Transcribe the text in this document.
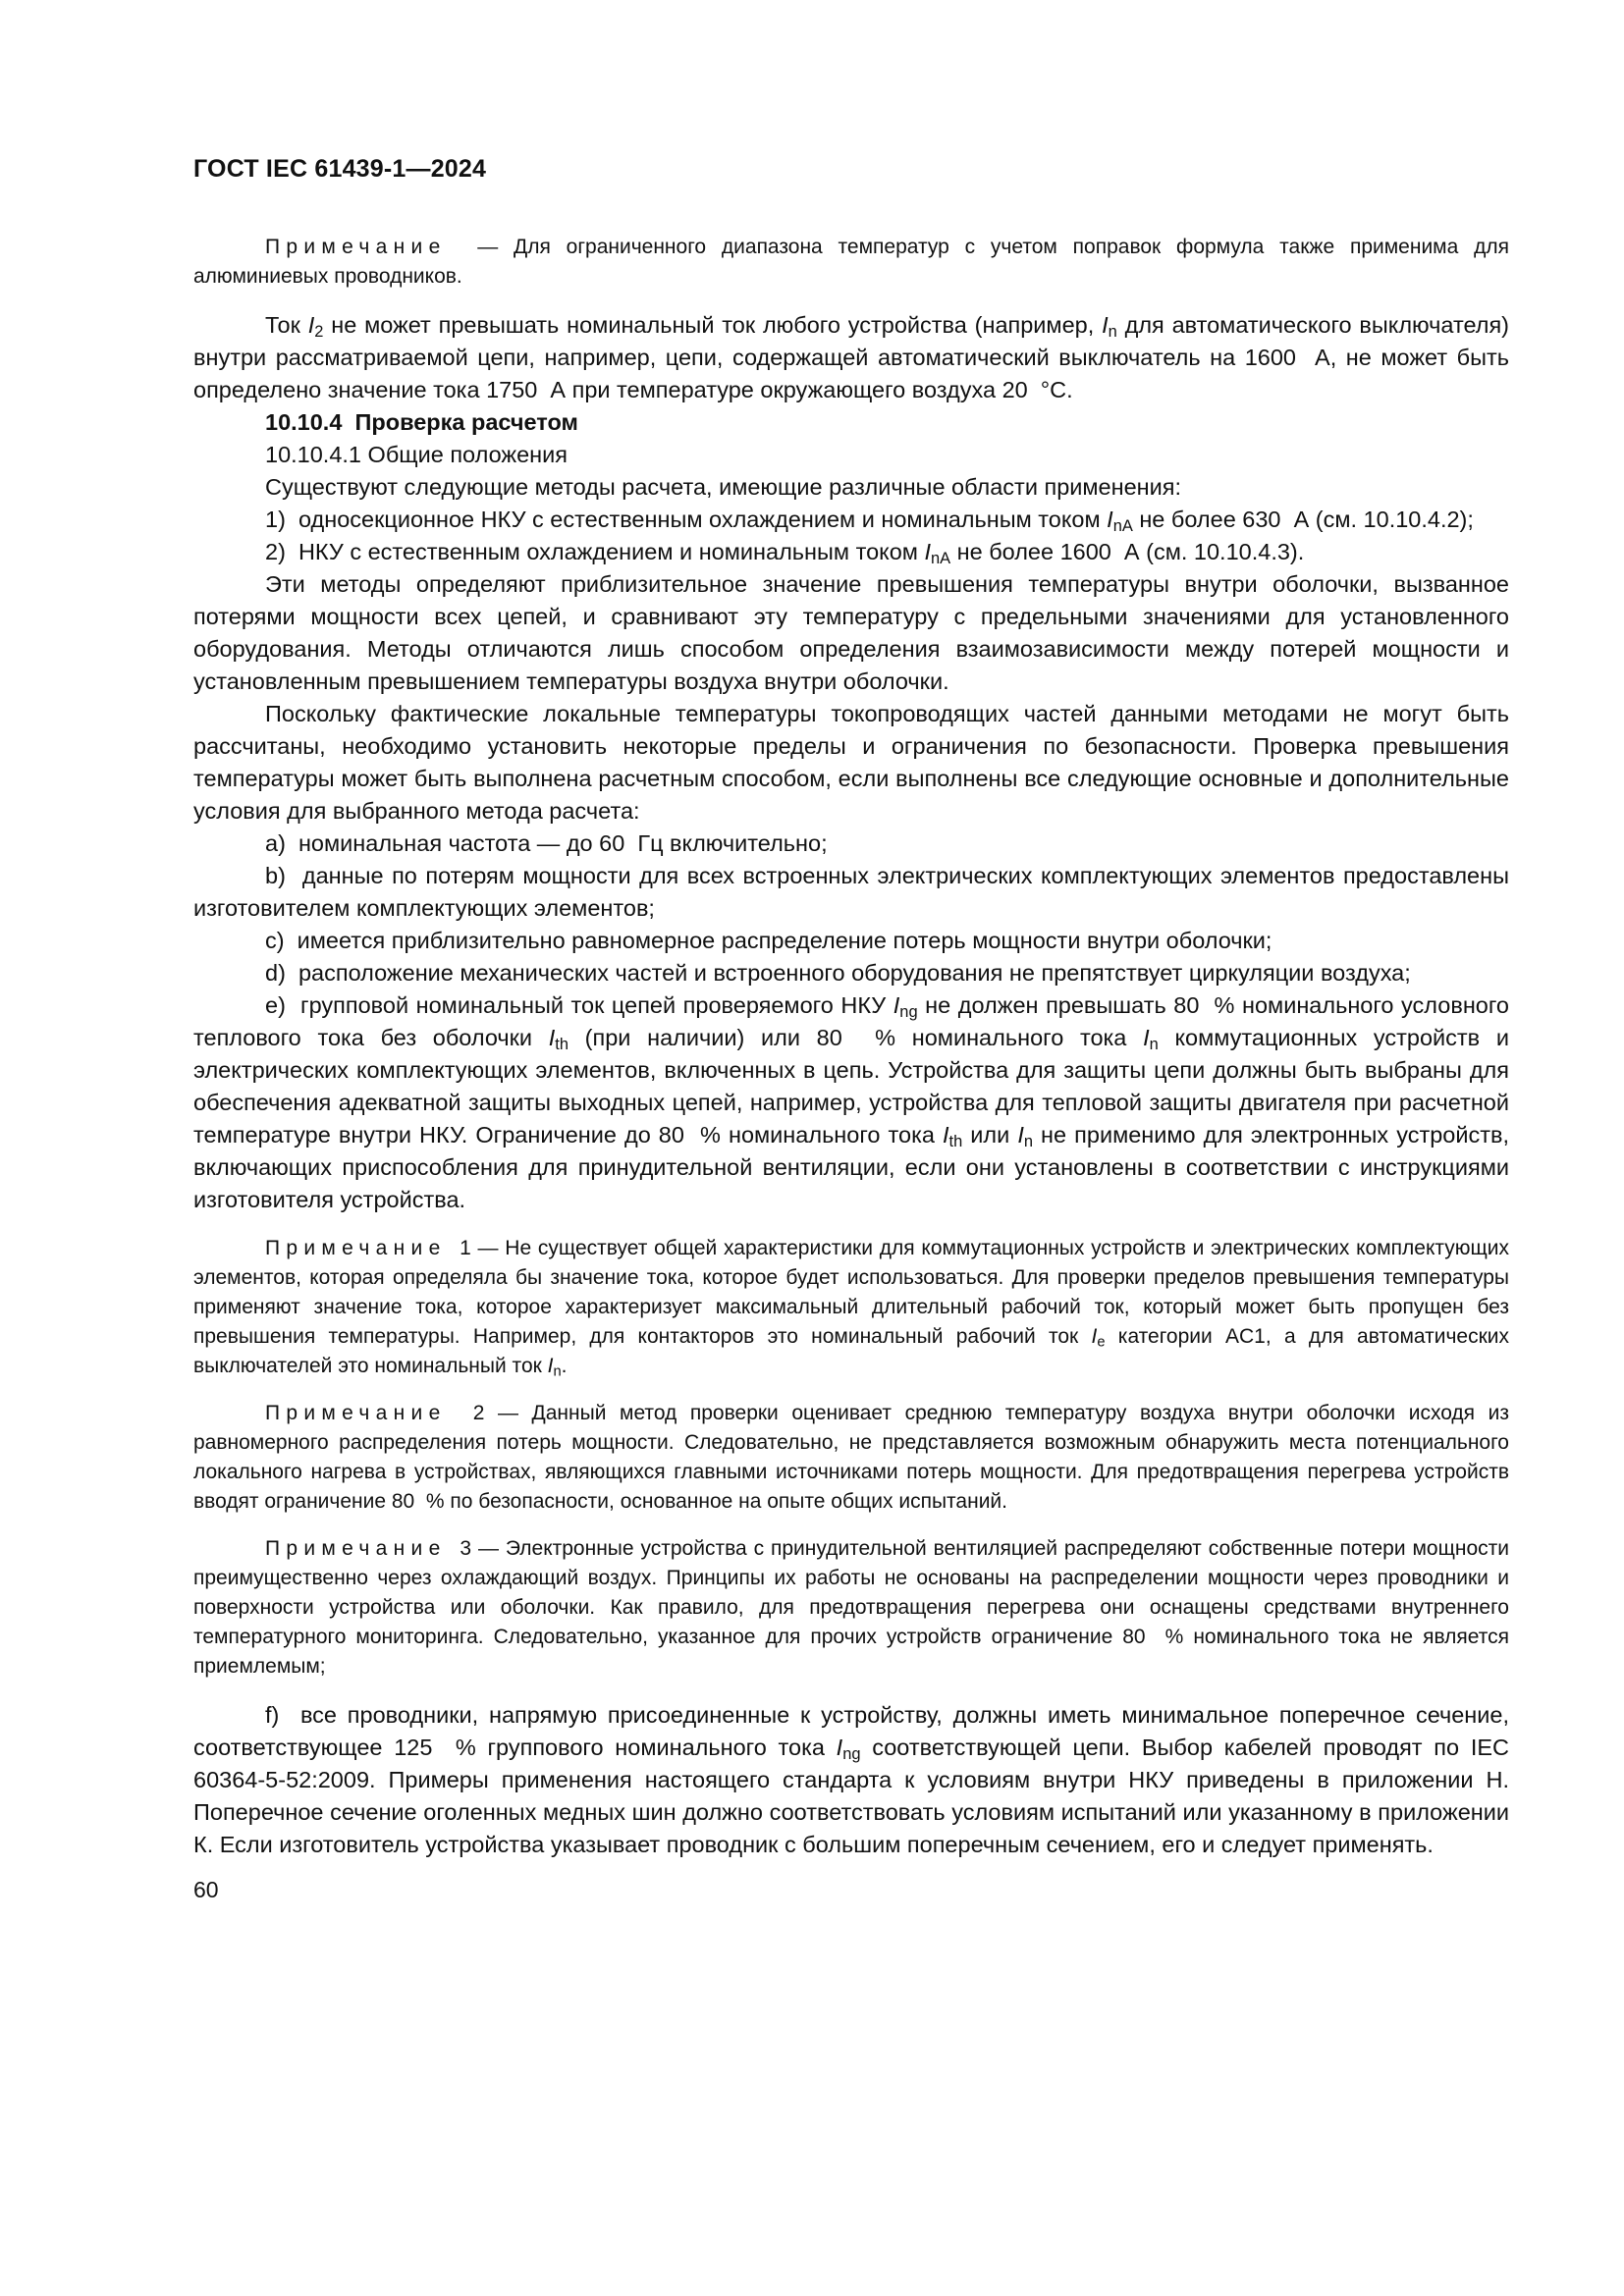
ГОСТ IEC 61439-1—2024

Примечание  — Для ограниченного диапазона температур с учетом поправок формула также применима для алюминиевых проводников.

Ток $I_2$ не может превышать номинальный ток любого устройства (например, $I_n$ для автоматического выключателя) внутри рассматриваемой цепи, например, цепи, содержащей автоматический выключатель на 1600  А, не может быть определено значение тока 1750  А при температуре окружающего воздуха 20  °С.

10.10.4  Проверка расчетом

10.10.4.1 Общие положения

Существуют следующие методы расчета, имеющие различные области применения:

1)  односекционное НКУ с естественным охлаждением и номинальным током $I_{nA}$ не более 630  А (см. 10.10.4.2);

2)  НКУ с естественным охлаждением и номинальным током $I_{nA}$ не более 1600  А (см. 10.10.4.3).

Эти методы определяют приблизительное значение превышения температуры внутри оболочки, вызванное потерями мощности всех цепей, и сравнивают эту температуру с предельными значениями для установленного оборудования. Методы отличаются лишь способом определения взаимозависимости между потерей мощности и установленным превышением температуры воздуха внутри оболочки.

Поскольку фактические локальные температуры токопроводящих частей данными методами не могут быть рассчитаны, необходимо установить некоторые пределы и ограничения по безопасности. Проверка превышения температуры может быть выполнена расчетным способом, если выполнены все следующие основные и дополнительные условия для выбранного метода расчета:

a)  номинальная частота — до 60  Гц включительно;

b)  данные по потерям мощности для всех встроенных электрических комплектующих элементов предоставлены изготовителем комплектующих элементов;

c)  имеется приблизительно равномерное распределение потерь мощности внутри оболочки;

d)  расположение механических частей и встроенного оборудования не препятствует циркуляции воздуха;

e)  групповой номинальный ток цепей проверяемого НКУ $I_{ng}$ не должен превышать 80  % номинального условного теплового тока без оболочки $I_{th}$ (при наличии) или 80  % номинального тока $I_n$ коммутационных устройств и электрических комплектующих элементов, включенных в цепь. Устройства для защиты цепи должны быть выбраны для обеспечения адекватной защиты выходных цепей, например, устройства для тепловой защиты двигателя при расчетной температуре внутри НКУ. Ограничение до 80  % номинального тока $I_{th}$ или $I_n$ не применимо для электронных устройств, включающих приспособления для принудительной вентиляции, если они установлены в соответствии с инструкциями изготовителя устройства.

Примечание  1 — Не существует общей характеристики для коммутационных устройств и электрических комплектующих элементов, которая определяла бы значение тока, которое будет использоваться. Для проверки пределов превышения температуры применяют значение тока, которое характеризует максимальный длительный рабочий ток, который может быть пропущен без превышения температуры. Например, для контакторов это номинальный рабочий ток $I_e$ категории AC1, а для автоматических выключателей это номинальный ток $I_n$.

Примечание  2 — Данный метод проверки оценивает среднюю температуру воздуха внутри оболочки исходя из равномерного распределения потерь мощности. Следовательно, не представляется возможным обнаружить места потенциального локального нагрева в устройствах, являющихся главными источниками потерь мощности. Для предотвращения перегрева устройств вводят ограничение 80  % по безопасности, основанное на опыте общих испытаний.

Примечание  3 — Электронные устройства с принудительной вентиляцией распределяют собственные потери мощности преимущественно через охлаждающий воздух. Принципы их работы не основаны на распределении мощности через проводники и поверхности устройства или оболочки. Как правило, для предотвращения перегрева они оснащены средствами внутреннего температурного мониторинга. Следовательно, указанное для прочих устройств ограничение 80  % номинального тока не является приемлемым;

f)  все проводники, напрямую присоединенные к устройству, должны иметь минимальное поперечное сечение, соответствующее 125  % группового номинального тока $I_{ng}$ соответствующей цепи. Выбор кабелей проводят по IEC 60364-5-52:2009. Примеры применения настоящего стандарта к условиям внутри НКУ приведены в приложении Н. Поперечное сечение оголенных медных шин должно соответствовать условиям испытаний или указанному в приложении К. Если изготовитель устройства указывает проводник с большим поперечным сечением, его и следует применять.

60
